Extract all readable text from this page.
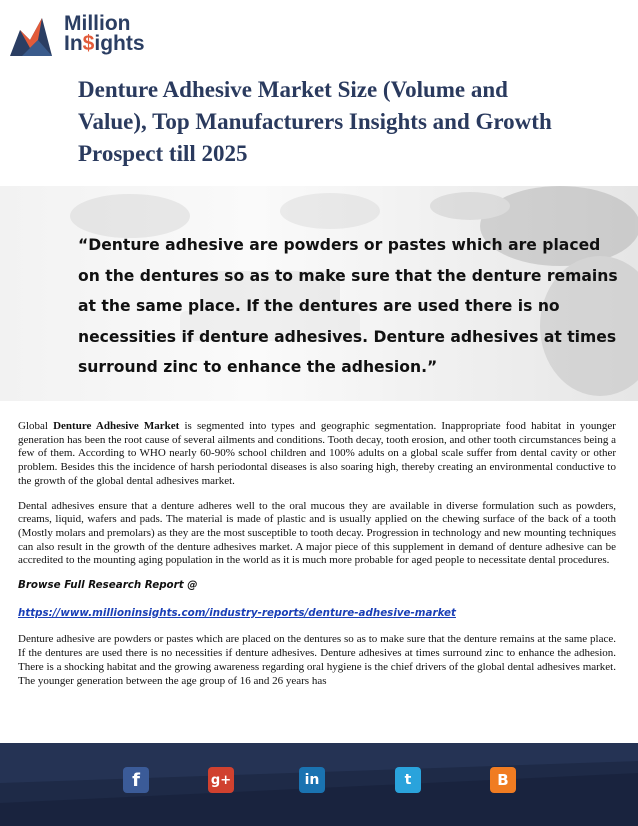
Million
In$ights
Denture Adhesive Market Size (Volume and Value), Top Manufacturers Insights and Growth Prospect till 2025

“Denture adhesive are powders or pastes which are placed on the dentures so as to make sure that the denture remains at the same place. If the dentures are used there is no necessities if denture adhesives. Denture adhesives at times surround zinc to enhance the adhesion.”

Global Denture Adhesive Market is segmented into types and geographic segmentation. Inappropriate food habitat in younger generation has been the root cause of several ailments and conditions. Tooth decay, tooth erosion, and other tooth circumstances being a few of them. According to WHO nearly 60-90% school children and 100% adults on a global scale suffer from dental cavity or other problem. Besides this the incidence of harsh periodontal diseases is also soaring high, thereby creating an environmental conductive to the growth of the global dental adhesives market.

Dental adhesives ensure that a denture adheres well to the oral mucous they are available in diverse formulation such as powders, creams, liquid, wafers and pads. The material is made of plastic and is usually applied on the chewing surface of the back of a tooth (Mostly molars and premolars) as they are the most susceptible to tooth decay. Progression in technology and new mounting techniques can also result in the growth of the denture adhesives market. A major piece of this supplement in demand of denture adhesive can be accredited to the mounting aging population in the world as it is much more probable for aged people to necessitate dental procedures.

Browse Full Research Report @
https://www.millioninsights.com/industry-reports/denture-adhesive-market

Denture adhesive are powders or pastes which are placed on the dentures so as to make sure that the denture remains at the same place. If the dentures are used there is no necessities if denture adhesives. Denture adhesives at times surround zinc to enhance the adhesion. There is a shocking habitat and the growing awareness regarding oral hygiene is the chief drivers of the global dental adhesives market. The younger generation between the age group of 16 and 26 years has

f	g+	in	t	B
